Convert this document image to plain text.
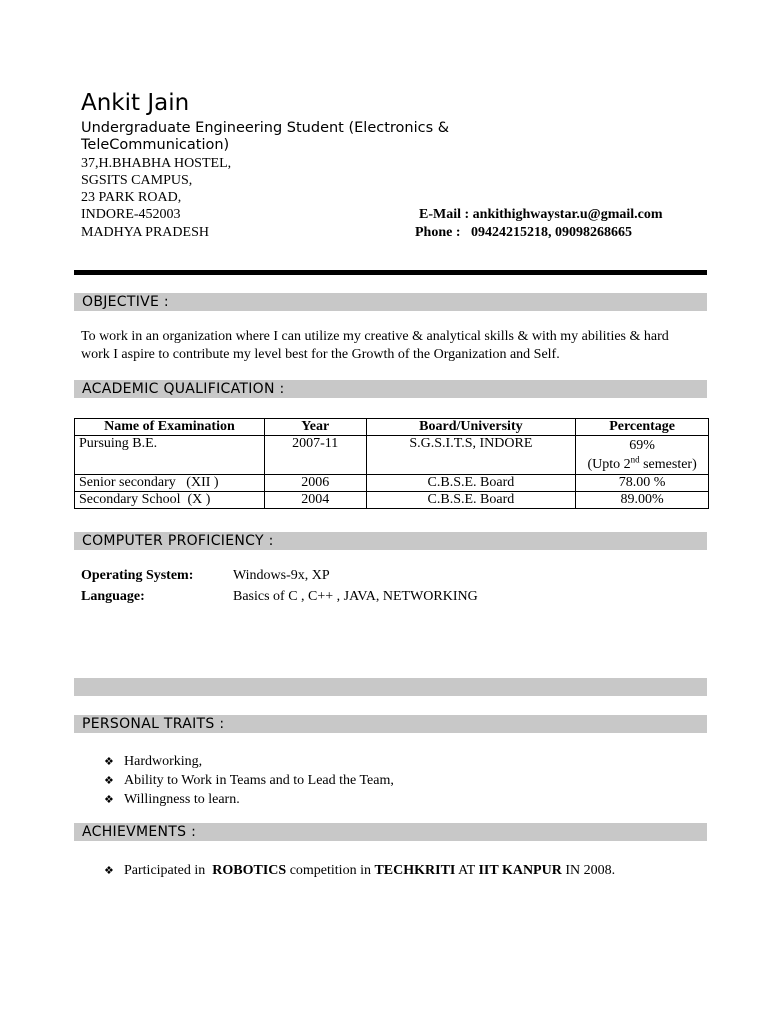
Ankit Jain
Undergraduate Engineering Student (Electronics & TeleCommunication)
37,H.BHABHA HOSTEL,
SGSITS CAMPUS,
23 PARK ROAD,
INDORE-452003
MADHYA PRADESH
E-Mail : ankithighwaystar.u@gmail.com
Phone :   09424215218, 09098268665
OBJECTIVE :
To work in an organization where I can utilize my creative & analytical skills & with my abilities & hard work I aspire to contribute my level best for the Growth of the Organization and Self.
ACADEMIC QUALIFICATION :
Name of Examination	Year	Board/University	Percentage
Pursuing B.E.	2007-11	S.G.S.I.T.S, INDORE	69%
(Upto 2nd semester)

Senior secondary   (XII )	2006	C.B.S.E. Board	78.00 %
Secondary School  (X )	2004	C.B.S.E. Board	89.00%
COMPUTER PROFICIENCY :
Operating System:	Windows-9x, XP
Language:	Basics of C , C++ , JAVA, NETWORKING
PERSONAL TRAITS :
❖ Hardworking,
❖ Ability to Work in Teams and to Lead the Team,
❖ Willingness to learn.
ACHIEVMENTS :
❖ Participated in  ROBOTICS competition in TECHKRITI AT IIT KANPUR IN 2008.
